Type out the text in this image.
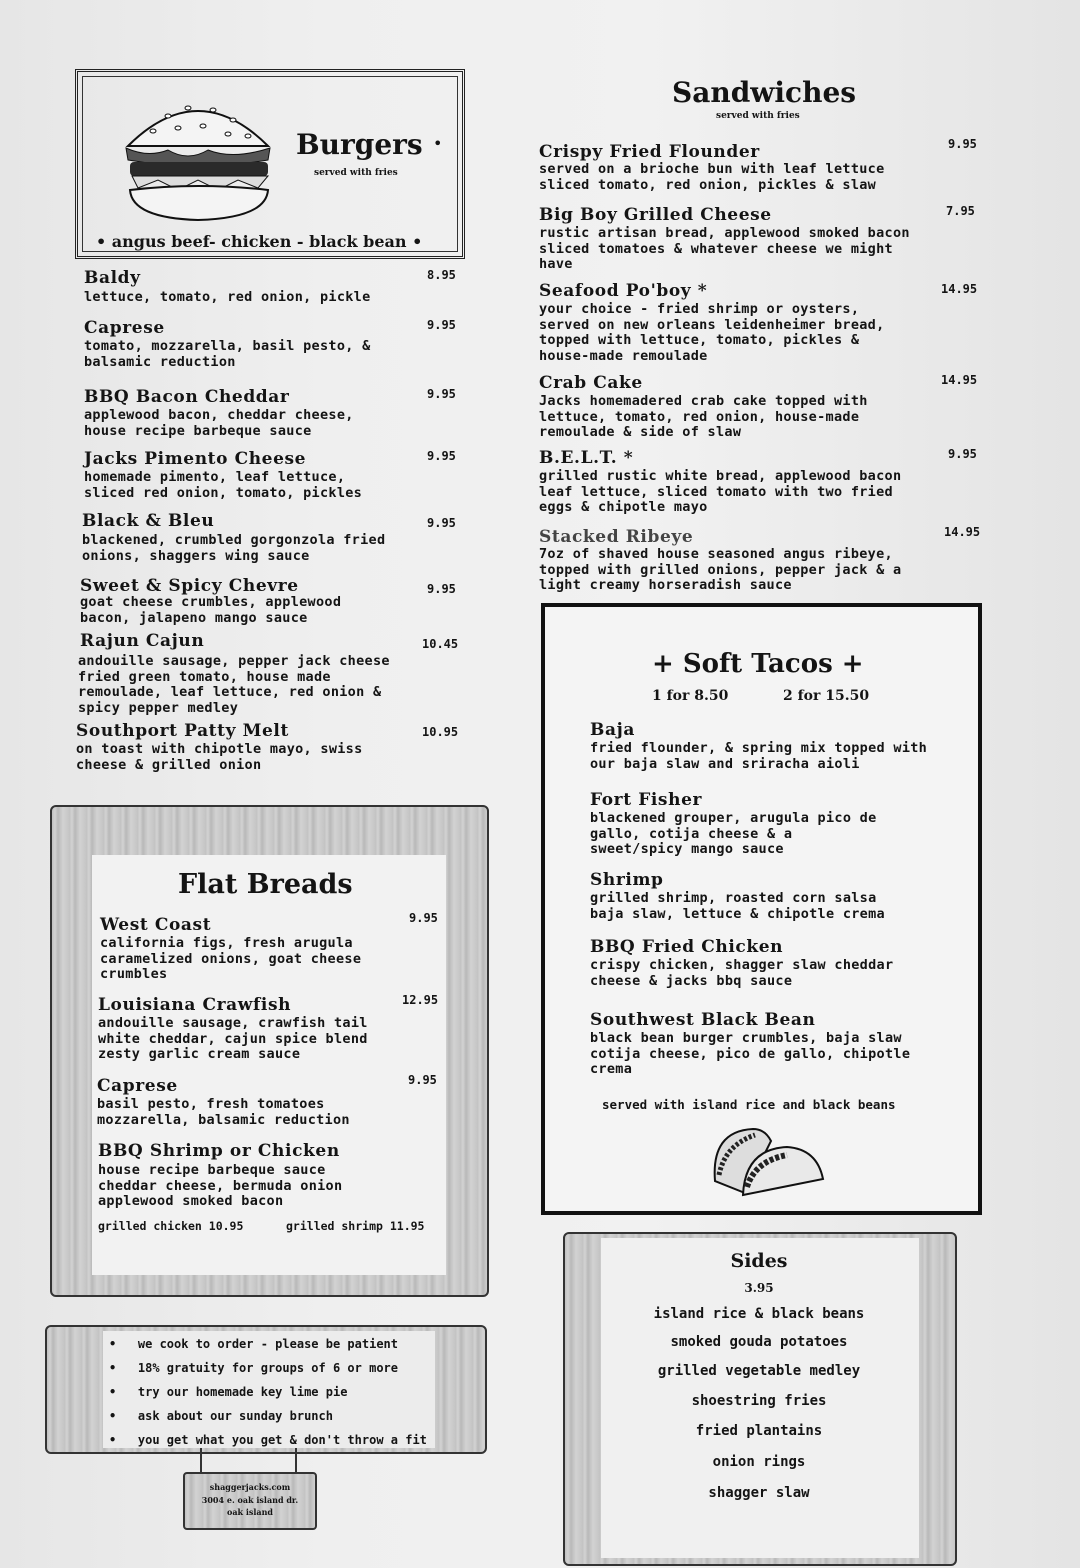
Burgers •
served with fries
• angus beef- chicken - black bean •
Baldy	8.95
lettuce, tomato, red onion, pickle
Caprese	9.95
tomato, mozzarella, basil pesto, & balsamic reduction
BBQ Bacon Cheddar	9.95
applewood bacon, cheddar cheese, house recipe barbeque sauce
Jacks Pimento Cheese	9.95
homemade pimento, leaf lettuce, sliced red onion, tomato, pickles
Black & Bleu	9.95
blackened, crumbled gorgonzola fried onions, shaggers wing sauce
Sweet & Spicy Chevre	9.95
goat cheese crumbles, applewood bacon, jalapeno mango sauce
Rajun Cajun	10.45
andouille sausage, pepper jack cheese fried green tomato, house made remoulade, leaf lettuce, red onion & spicy pepper medley
Southport Patty Melt	10.95
on toast with chipotle mayo, swiss cheese & grilled onion
Sandwiches
served with fries
Crispy Fried Flounder	9.95
served on a brioche bun with leaf lettuce sliced tomato, red onion, pickles & slaw
Big Boy Grilled Cheese	7.95
rustic artisan bread, applewood smoked bacon sliced tomatoes & whatever cheese we might have
Seafood Po'boy *	14.95
your choice - fried shrimp or oysters, served on new orleans leidenheimer bread, topped with lettuce, tomato, pickles & house-made remoulade
Crab Cake	14.95
Jacks homemadered crab cake topped with lettuce, tomato, red onion, house-made remoulade & side of slaw
B.E.L.T. *	9.95
grilled rustic white bread, applewood bacon leaf lettuce, sliced tomato with two fried eggs & chipotle mayo
Stacked Ribeye	14.95
7oz of shaved house seasoned angus ribeye, topped with grilled onions, pepper jack & a light creamy horseradish sauce
+ Soft Tacos +
1 for 8.50	2 for 15.50
Baja
fried flounder, & spring mix topped with our baja slaw and sriracha aioli
Fort Fisher
blackened grouper, arugula pico de gallo, cotija cheese & a sweet/spicy mango sauce
Shrimp
grilled shrimp, roasted corn salsa baja slaw, lettuce & chipotle crema
BBQ Fried Chicken
crispy chicken, shagger slaw cheddar cheese & jacks bbq sauce
Southwest Black Bean
black bean burger crumbles, baja slaw cotija cheese, pico de gallo, chipotle crema
served with island rice and black beans
Flat Breads
West Coast	9.95
california figs, fresh arugula caramelized onions, goat cheese crumbles
Louisiana Crawfish	12.95
andouille sausage, crawfish tail white cheddar, cajun spice blend zesty garlic cream sauce
Caprese	9.95
basil pesto, fresh tomatoes mozzarella, balsamic reduction
BBQ Shrimp or Chicken
house recipe barbeque sauce cheddar cheese, bermuda onion applewood smoked bacon
grilled chicken 10.95	grilled shrimp 11.95
•   we cook to order - please be patient
•   18% gratuity for groups of 6 or more
•   try our homemade key lime pie
•   ask about our sunday brunch
•   you get what you get & don't throw a fit
shaggerjacks.com
3004 e. oak island dr.
oak island
Sides
3.95
island rice & black beans
smoked gouda potatoes
grilled vegetable medley
shoestring fries
fried plantains
onion rings
shagger slaw
